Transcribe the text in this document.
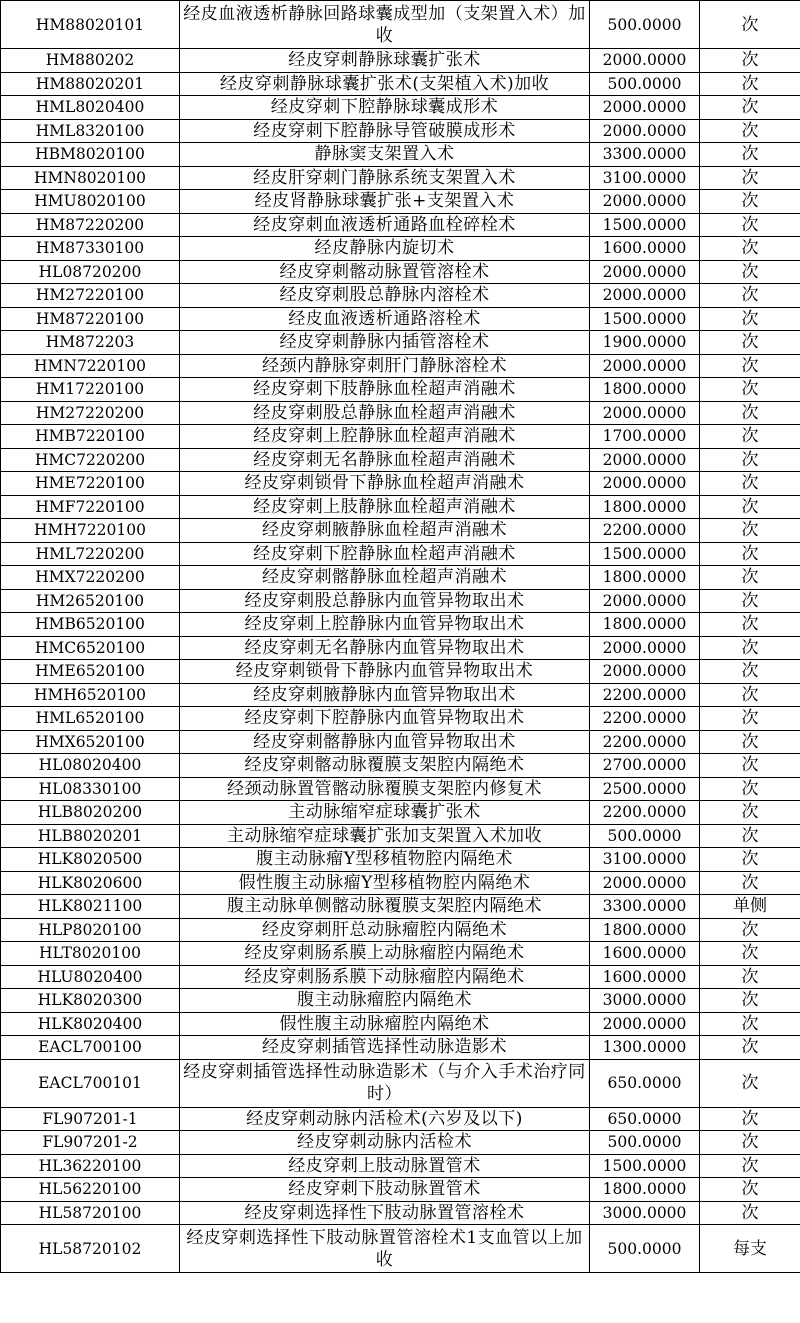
HM88020101	经皮血液透析静脉回路球囊成型加（支架置入术）加收	500.0000	次
HM880202	经皮穿刺静脉球囊扩张术	2000.0000	次
HM88020201	经皮穿刺静脉球囊扩张术(支架植入术)加收	500.0000	次
HML8020400	经皮穿刺下腔静脉球囊成形术	2000.0000	次
HML8320100	经皮穿刺下腔静脉导管破膜成形术	2000.0000	次
HBM8020100	静脉窦支架置入术	3300.0000	次
HMN8020100	经皮肝穿刺门静脉系统支架置入术	3100.0000	次
HMU8020100	经皮肾静脉球囊扩张+支架置入术	2000.0000	次
HM87220200	经皮穿刺血液透析通路血栓碎栓术	1500.0000	次
HM87330100	经皮静脉内旋切术	1600.0000	次
HL08720200	经皮穿刺髂动脉置管溶栓术	2000.0000	次
HM27220100	经皮穿刺股总静脉内溶栓术	2000.0000	次
HM87220100	经皮血液透析通路溶栓术	1500.0000	次
HM872203	经皮穿刺静脉内插管溶栓术	1900.0000	次
HMN7220100	经颈内静脉穿刺肝门静脉溶栓术	2000.0000	次
HM17220100	经皮穿刺下肢静脉血栓超声消融术	1800.0000	次
HM27220200	经皮穿刺股总静脉血栓超声消融术	2000.0000	次
HMB7220100	经皮穿刺上腔静脉血栓超声消融术	1700.0000	次
HMC7220200	经皮穿刺无名静脉血栓超声消融术	2000.0000	次
HME7220100	经皮穿刺锁骨下静脉血栓超声消融术	2000.0000	次
HMF7220100	经皮穿刺上肢静脉血栓超声消融术	1800.0000	次
HMH7220100	经皮穿刺腋静脉血栓超声消融术	2200.0000	次
HML7220200	经皮穿刺下腔静脉血栓超声消融术	1500.0000	次
HMX7220200	经皮穿刺髂静脉血栓超声消融术	1800.0000	次
HM26520100	经皮穿刺股总静脉内血管异物取出术	2000.0000	次
HMB6520100	经皮穿刺上腔静脉内血管异物取出术	1800.0000	次
HMC6520100	经皮穿刺无名静脉内血管异物取出术	2000.0000	次
HME6520100	经皮穿刺锁骨下静脉内血管异物取出术	2000.0000	次
HMH6520100	经皮穿刺腋静脉内血管异物取出术	2200.0000	次
HML6520100	经皮穿刺下腔静脉内血管异物取出术	2200.0000	次
HMX6520100	经皮穿刺髂静脉内血管异物取出术	2200.0000	次
HL08020400	经皮穿刺髂动脉覆膜支架腔内隔绝术	2700.0000	次
HL08330100	经颈动脉置管髂动脉覆膜支架腔内修复术	2500.0000	次
HLB8020200	主动脉缩窄症球囊扩张术	2200.0000	次
HLB8020201	主动脉缩窄症球囊扩张加支架置入术加收	500.0000	次
HLK8020500	腹主动脉瘤Y型移植物腔内隔绝术	3100.0000	次
HLK8020600	假性腹主动脉瘤Y型移植物腔内隔绝术	2000.0000	次
HLK8021100	腹主动脉单侧髂动脉覆膜支架腔内隔绝术	3300.0000	单侧
HLP8020100	经皮穿刺肝总动脉瘤腔内隔绝术	1800.0000	次
HLT8020100	经皮穿刺肠系膜上动脉瘤腔内隔绝术	1600.0000	次
HLU8020400	经皮穿刺肠系膜下动脉瘤腔内隔绝术	1600.0000	次
HLK8020300	腹主动脉瘤腔内隔绝术	3000.0000	次
HLK8020400	假性腹主动脉瘤腔内隔绝术	2000.0000	次
EACL700100	经皮穿刺插管选择性动脉造影术	1300.0000	次
EACL700101	经皮穿刺插管选择性动脉造影术（与介入手术治疗同时）	650.0000	次
FL907201-1	经皮穿刺动脉内活检术(六岁及以下)	650.0000	次
FL907201-2	经皮穿刺动脉内活检术	500.0000	次
HL36220100	经皮穿刺上肢动脉置管术	1500.0000	次
HL56220100	经皮穿刺下肢动脉置管术	1800.0000	次
HL58720100	经皮穿刺选择性下肢动脉置管溶栓术	3000.0000	次
HL58720102	经皮穿刺选择性下肢动脉置管溶栓术1支血管以上加收	500.0000	每支
